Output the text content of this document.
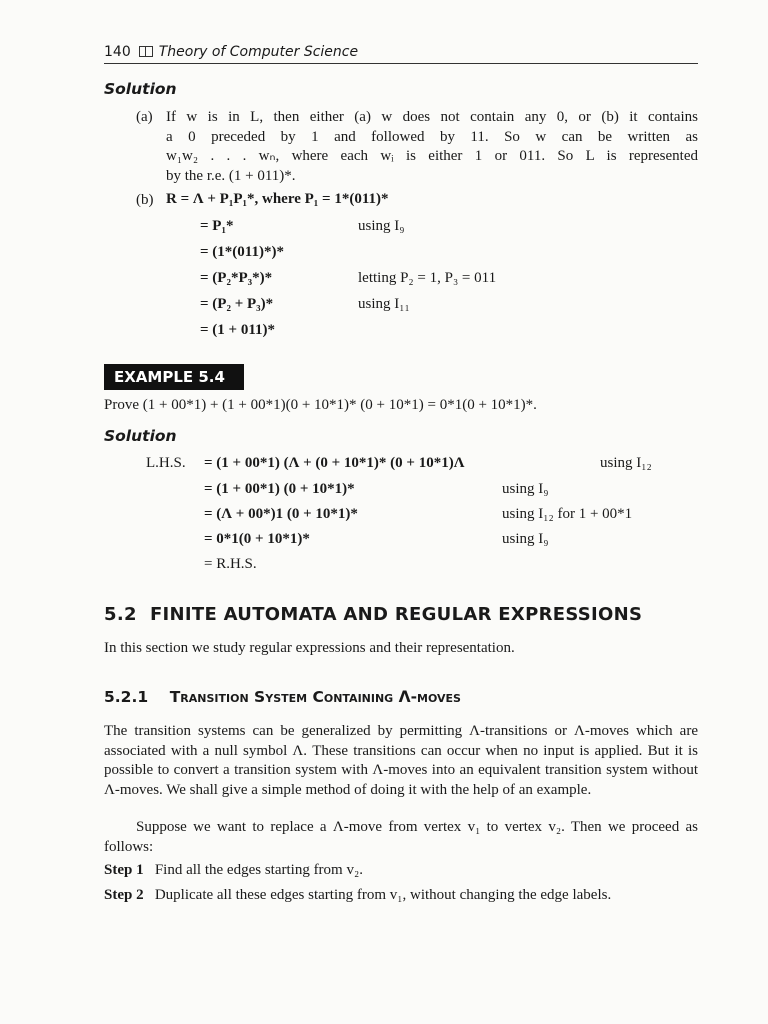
140 Theory of Computer Science
Solution
(a) If w is in L, then either (a) w does not contain any 0, or (b) it contains
a 0 preceded by 1 and followed by 11. So w can be written as
w₁w₂ . . . wₙ, where each wᵢ is either 1 or 011. So L is represented
by the r.e. (1 + 011)*.
(b) R = Λ + P₁P₁*, where P₁ = 1*(011)*
= P₁*	using I₉
= (1*(011)*)*
= (P₂*P₃*)*	letting P₂ = 1, P₃ = 011
= (P₂ + P₃)*	using I₁₁
= (1 + 011)*
EXAMPLE 5.4
Prove (1 + 00*1) + (1 + 00*1)(0 + 10*1)* (0 + 10*1) = 0*1(0 + 10*1)*.
Solution
L.H.S. = (1 + 00*1) (Λ + (0 + 10*1)* (0 + 10*1)Λ	using I₁₂
= (1 + 00*1) (0 + 10*1)*	using I₉
= (Λ + 00*)1 (0 + 10*1)*	using I₁₂ for 1 + 00*1
= 0*1(0 + 10*1)*	using I₉
= R.H.S.
5.2 FINITE AUTOMATA AND REGULAR EXPRESSIONS
In this section we study regular expressions and their representation.
5.2.1 Transition System Containing Λ-moves
The transition systems can be generalized by permitting Λ-transitions or Λ-moves which are associated with a null symbol Λ. These transitions can occur when no input is applied. But it is possible to convert a transition system with Λ-moves into an equivalent transition system without Λ-moves. We shall give a simple method of doing it with the help of an example.
Suppose we want to replace a Λ-move from vertex v₁ to vertex v₂. Then we proceed as follows:
Step 1 Find all the edges starting from v₂.
Step 2 Duplicate all these edges starting from v₁, without changing the edge labels.
